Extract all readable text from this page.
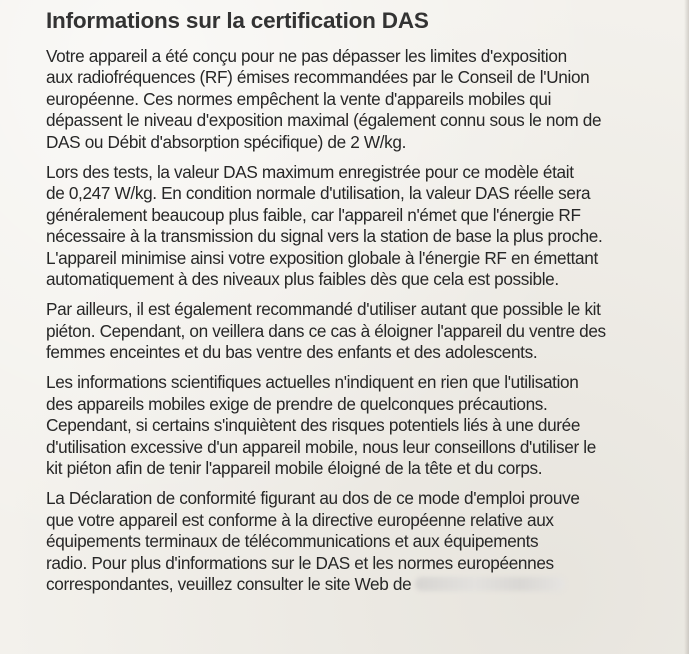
Informations sur la certification DAS

Votre appareil a été conçu pour ne pas dépasser les limites d'exposition
aux radiofréquences (RF) émises recommandées par le Conseil de l'Union
européenne. Ces normes empêchent la vente d'appareils mobiles qui
dépassent le niveau d'exposition maximal (également connu sous le nom de
DAS ou Débit d'absorption spécifique) de 2 W/kg.

Lors des tests, la valeur DAS maximum enregistrée pour ce modèle était
de 0,247 W/kg. En condition normale d'utilisation, la valeur DAS réelle sera
généralement beaucoup plus faible, car l'appareil n'émet que l'énergie RF
nécessaire à la transmission du signal vers la station de base la plus proche.
L'appareil minimise ainsi votre exposition globale à l'énergie RF en émettant
automatiquement à des niveaux plus faibles dès que cela est possible.

Par ailleurs, il est également recommandé d'utiliser autant que possible le kit
piéton. Cependant, on veillera dans ce cas à éloigner l'appareil du ventre des
femmes enceintes et du bas ventre des enfants et des adolescents.

Les informations scientifiques actuelles n'indiquent en rien que l'utilisation
des appareils mobiles exige de prendre de quelconques précautions.
Cependant, si certains s'inquiètent des risques potentiels liés à une durée
d'utilisation excessive d'un appareil mobile, nous leur conseillons d'utiliser le
kit piéton afin de tenir l'appareil mobile éloigné de la tête et du corps.

La Déclaration de conformité figurant au dos de ce mode d'emploi prouve
que votre appareil est conforme à la directive européenne relative aux
équipements terminaux de télécommunications et aux équipements
radio. Pour plus d'informations sur le DAS et les normes européennes
correspondantes, veuillez consulter le site Web de
